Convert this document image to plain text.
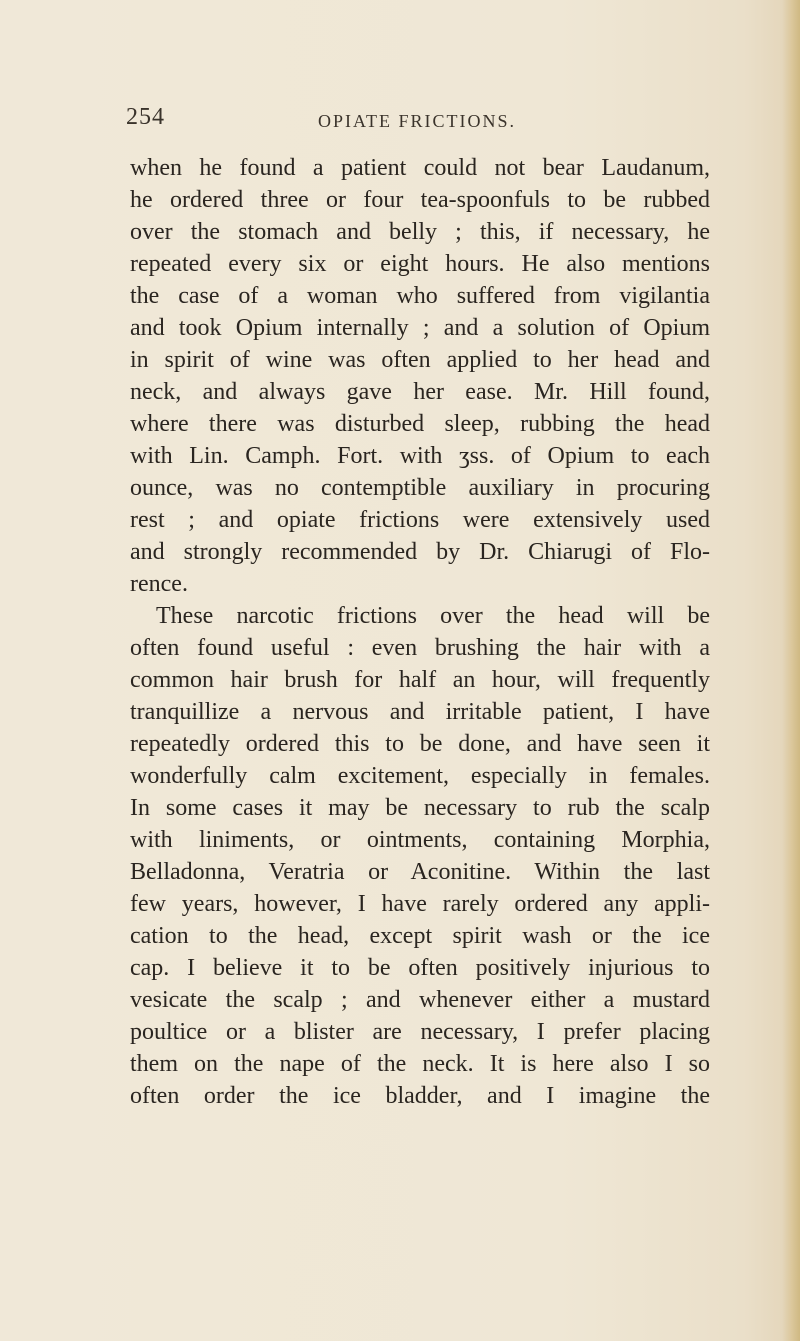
254	OPIATE FRICTIONS.
when he found a patient could not bear Laudanum,
he ordered three or four tea-spoonfuls to be rubbed
over the stomach and belly ; this, if necessary, he
repeated every six or eight hours. He also mentions
the case of a woman who suffered from vigilantia
and took Opium internally ; and a solution of Opium
in spirit of wine was often applied to her head and
neck, and always gave her ease. Mr. Hill found,
where there was disturbed sleep, rubbing the head
with Lin. Camph. Fort. with ʒss. of Opium to each
ounce, was no contemptible auxiliary in procuring
rest ; and opiate frictions were extensively used
and strongly recommended by Dr. Chiarugi of Flo-
rence.
These narcotic frictions over the head will be
often found useful : even brushing the hair with a
common hair brush for half an hour, will frequently
tranquillize a nervous and irritable patient, I have
repeatedly ordered this to be done, and have seen it
wonderfully calm excitement, especially in females.
In some cases it may be necessary to rub the scalp
with liniments, or ointments, containing Morphia,
Belladonna, Veratria or Aconitine. Within the last
few years, however, I have rarely ordered any appli-
cation to the head, except spirit wash or the ice
cap. I believe it to be often positively injurious to
vesicate the scalp ; and whenever either a mustard
poultice or a blister are necessary, I prefer placing
them on the nape of the neck. It is here also I so
often order the ice bladder, and I imagine the
